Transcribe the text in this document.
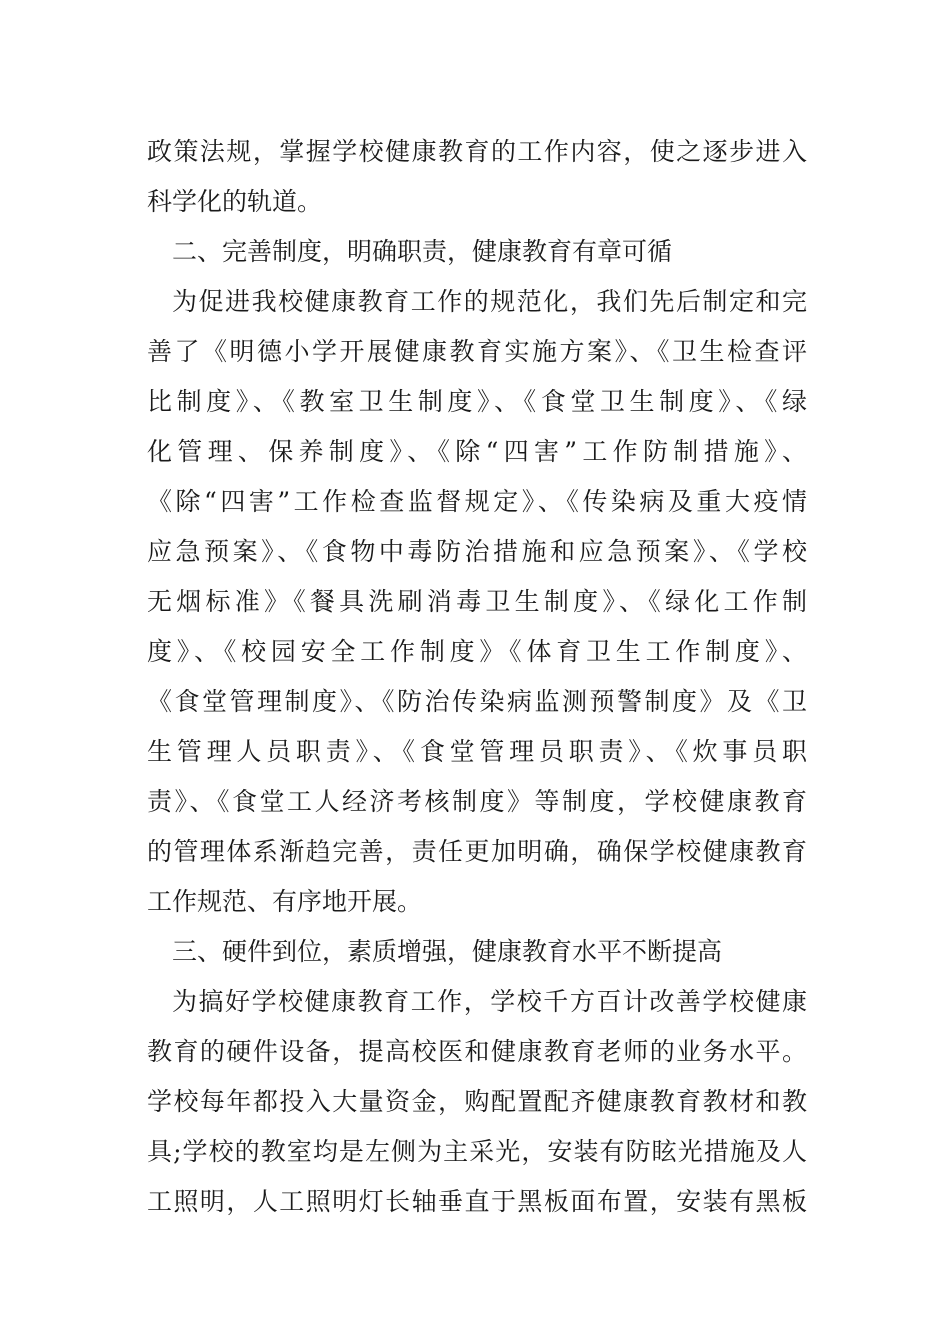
政策法规，掌握学校健康教育的工作内容，使之逐步进入
科学化的轨道。
二、完善制度，明确职责，健康教育有章可循
为促进我校健康教育工作的规范化，我们先后制定和完
善了《明德小学开展健康教育实施方案》、《卫生检查评
比制度》、《教室卫生制度》、《食堂卫生制度》、《绿
化管理、保养制度》、《除“四害”工作防制措施》、
《除“四害”工作检查监督规定》、《传染病及重大疫情
应急预案》、《食物中毒防治措施和应急预案》、《学校
无烟标准》《餐具洗刷消毒卫生制度》、《绿化工作制
度》、《校园安全工作制度》《体育卫生工作制度》、
《食堂管理制度》、《防治传染病监测预警制度》及《卫
生管理人员职责》、《食堂管理员职责》、《炊事员职
责》、《食堂工人经济考核制度》等制度，学校健康教育
的管理体系渐趋完善，责任更加明确，确保学校健康教育
工作规范、有序地开展。
三、硬件到位，素质增强，健康教育水平不断提高
为搞好学校健康教育工作，学校千方百计改善学校健康
教育的硬件设备，提高校医和健康教育老师的业务水平。
学校每年都投入大量资金，购配置配齐健康教育教材和教
具;学校的教室均是左侧为主采光，安装有防眩光措施及人
工照明，人工照明灯长轴垂直于黑板面布置，安装有黑板
